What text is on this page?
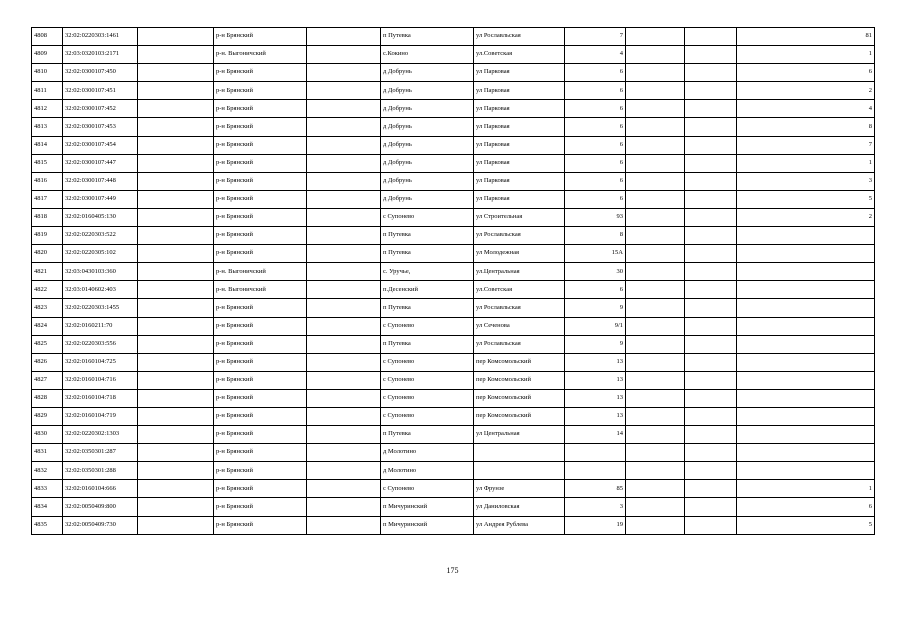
4808	32:02:0220303:1461		р-н Брянский		п Путевка	ул Рославльская	7			81
4809	32:03:0320103:2171		р-н. Выгоничский		с.Кокино	ул.Советская	4			1
4810	32:02:0300107:450		р-н Брянский		д Добрунь	ул Парковая	6			6
4811	32:02:0300107:451		р-н Брянский		д Добрунь	ул Парковая	6			2
4812	32:02:0300107:452		р-н Брянский		д Добрунь	ул Парковая	6			4
4813	32:02:0300107:453		р-н Брянский		д Добрунь	ул Парковая	6			8
4814	32:02:0300107:454		р-н Брянский		д Добрунь	ул Парковая	6			7
4815	32:02:0300107:447		р-н Брянский		д Добрунь	ул Парковая	6			1
4816	32:02:0300107:448		р-н Брянский		д Добрунь	ул Парковая	6			3
4817	32:02:0300107:449		р-н Брянский		д Добрунь	ул Парковая	6			5
4818	32:02:0160405:130		р-н Брянский		с Супонево	ул Строительная	93			2
4819	32:02:0220303:522		р-н Брянский		п Путевка	ул Рославльская	8			
4820	32:02:0220305:102		р-н Брянский		п Путевка	ул Молодежная	15А			
4821	32:03:0430103:360		р-н. Выгоничский		с. Уручье,	ул.Центральная	30			
4822	32:03:0140602:403		р-н. Выгоничский		п.Десенский	ул.Советская	6			
4823	32:02:0220303:1455		р-н Брянский		п Путевка	ул Рославльская	9			
4824	32:02:0160211:70		р-н Брянский		с Супонево	ул Сеченова	9/1			
4825	32:02:0220303:556		р-н Брянский		п Путевка	ул Рославльская	9			
4826	32:02:0160104:725		р-н Брянский		с Супонево	пер Комсомольский	13			
4827	32:02:0160104:716		р-н Брянский		с Супонево	пер Комсомольский	13			
4828	32:02:0160104:718		р-н Брянский		с Супонево	пер Комсомольский	13			
4829	32:02:0160104:719		р-н Брянский		с Супонево	пер Комсомольский	13			
4830	32:02:0220302:1303		р-н Брянский		п Путевка	ул Центральная	14			
4831	32:02:0350301:287		р-н Брянский		д Молотино					
4832	32:02:0350301:288		р-н Брянский		д Молотино					
4833	32:02:0160104:666		р-н Брянский		с Супонево	ул Фрунзе	85			1
4834	32:02:0050409:800		р-н Брянский		п Мичуринский	ул Даниловская	3			6
4835	32:02:0050409:730		р-н Брянский		п Мичуринский	ул Андрея Рублева	19			5
175
